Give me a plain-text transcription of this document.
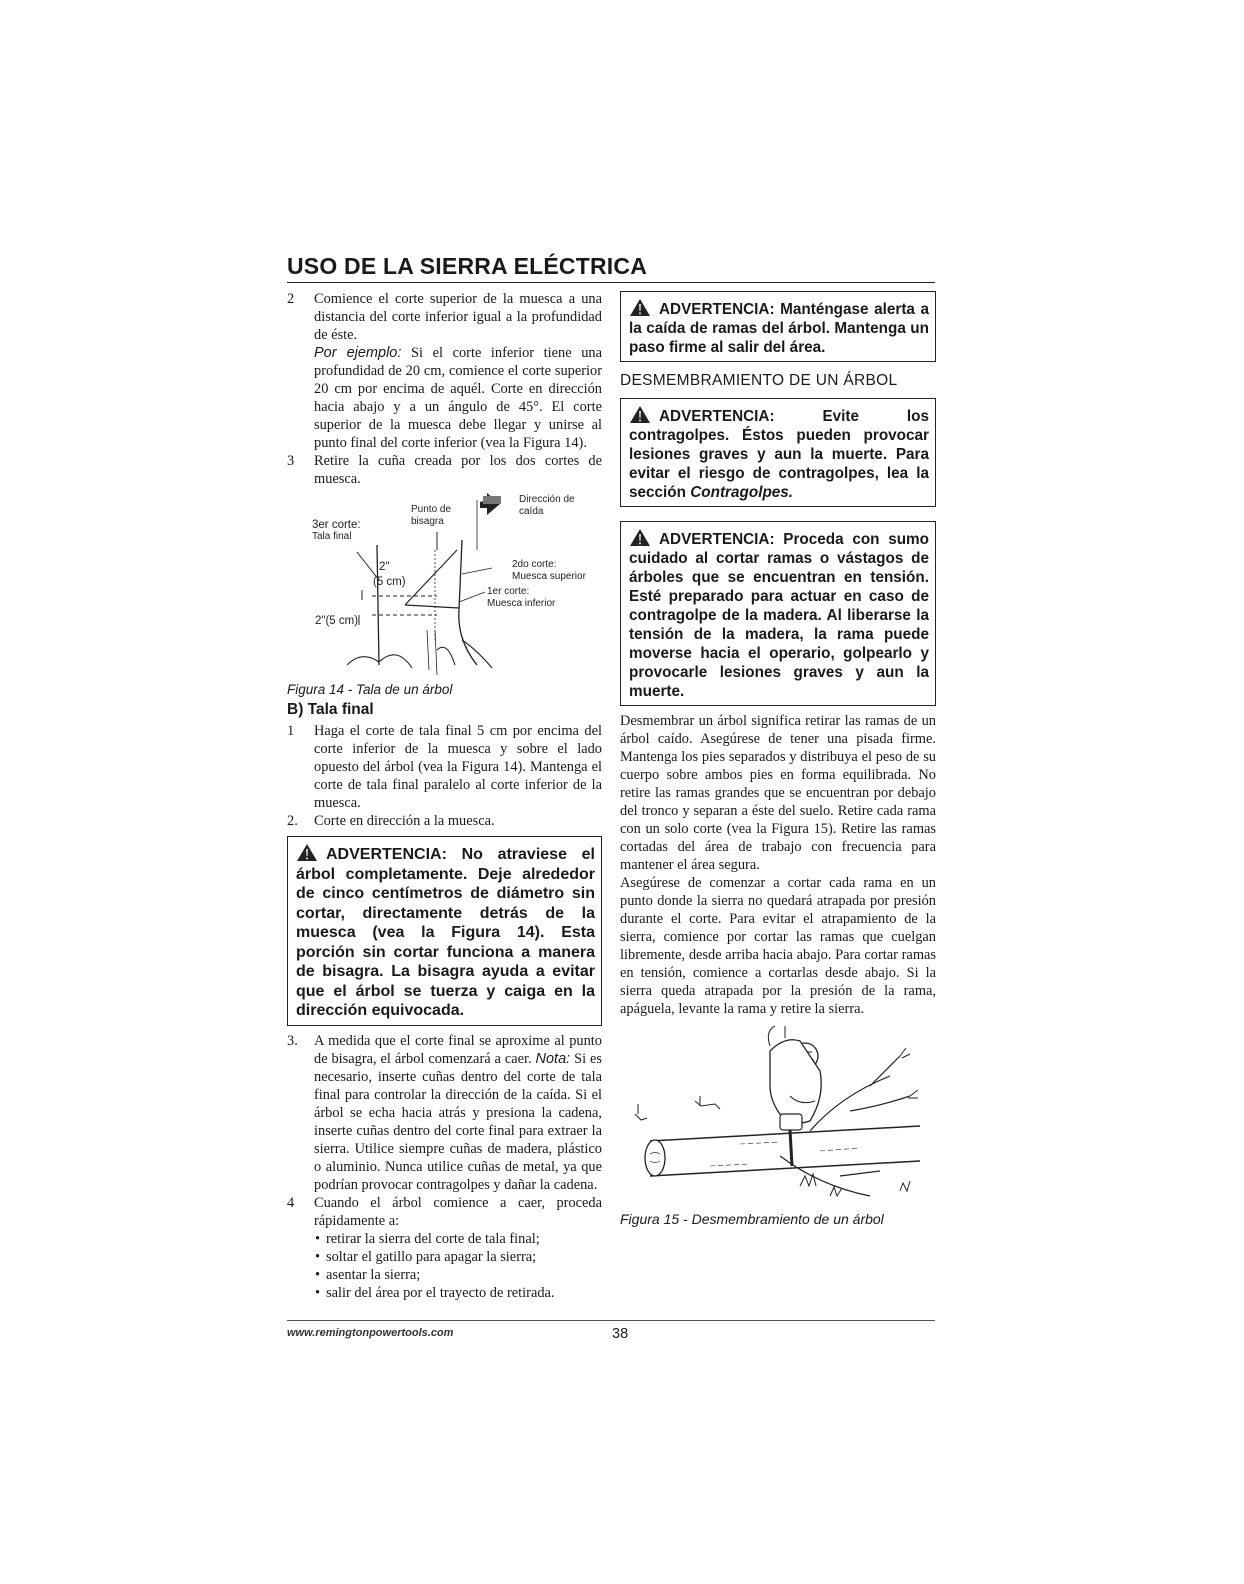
USO DE LA SIERRA ELÉCTRICA
2	Comience el corte superior de la muesca a una distancia del corte inferior igual a la profundidad de éste.

Por ejemplo: Si el corte inferior tiene una profundidad de 20 cm, comience el corte superior 20 cm por encima de aquél. Corte en dirección hacia abajo y a un ángulo de 45°. El corte superior de la muesca debe llegar y unirse al punto final del corte inferior (vea la Figura 14).

3	Retire la cuña creada por los dos cortes de muesca.

3er corte:
Tala final
Punto de
bisagra
Dirección de
caída
2"
(5 cm)
2"(5 cm)
2do corte:
Muesca superior
1er corte:
Muesca inferior
Figura 14 - Tala de un árbol
B) Tala final
1	Haga el corte de tala final 5 cm por encima del corte inferior de la muesca y sobre el lado opuesto del árbol (vea la Figura 14). Mantenga el corte de tala final paralelo al corte inferior de la muesca.

2.	Corte en dirección a la muesca.

ADVERTENCIA: No atraviese el árbol completamente. Deje alrededor de cinco centímetros de diámetro sin cortar, directamente detrás de la muesca (vea la Figura 14). Esta porción sin cortar funciona a manera de bisagra. La bisagra ayuda a evitar que el árbol se tuerza y caiga en la dirección equivocada.
3.	A medida que el corte final se aproxime al punto de bisagra, el árbol comenzará a caer. Nota: Si es necesario, inserte cuñas dentro del corte de tala final para controlar la dirección de la caída. Si el árbol se echa hacia atrás y presiona la cadena, inserte cuñas dentro del corte final para extraer la sierra. Utilice siempre cuñas de madera, plástico o aluminio. Nunca utilice cuñas de metal, ya que podrían provocar contragolpes y dañar la cadena.

4	Cuando el árbol comience a caer, proceda rápidamente a:

• retirar la sierra del corte de tala final;
• soltar el gatillo para apagar la sierra;
• asentar la sierra;
• salir del área por el trayecto de retirada.
ADVERTENCIA: Manténgase alerta a la caída de ramas del árbol. Mantenga un paso firme al salir del área.
DESMEMBRAMIENTO DE UN ÁRBOL
ADVERTENCIA: Evite los contragolpes. Éstos pueden provocar lesiones graves y aun la muerte. Para evitar el riesgo de contragolpes, lea la sección Contragolpes.
ADVERTENCIA: Proceda con sumo cuidado al cortar ramas o vástagos de árboles que se encuentran en tensión. Esté preparado para actuar en caso de contragolpe de la madera. Al liberarse la tensión de la madera, la rama puede moverse hacia el operario, golpearlo y provocarle lesiones graves y aun la muerte.

Desmembrar un árbol significa retirar las ramas de un árbol caído. Asegúrese de tener una pisada firme. Mantenga los pies separados y distribuya el peso de su cuerpo sobre ambos pies en forma equilibrada. No retire las ramas grandes que se encuentran por debajo del tronco y separan a éste del suelo. Retire cada rama con un solo corte (vea la Figura 15). Retire las ramas cortadas del área de trabajo con frecuencia para mantener el área segura.

Asegúrese de comenzar a cortar cada rama en un punto donde la sierra no quedará atrapada por presión durante el corte. Para evitar el atrapamiento de la sierra, comience por cortar las ramas que cuelgan libremente, desde arriba hacia abajo. Para cortar ramas en tensión, comience a cortarlas desde abajo. Si la sierra queda atrapada por la presión de la rama, apáguela, levante la rama y retire la sierra.

Figura 15 - Desmembramiento de un árbol
www.remingtonpowertools.com	38
